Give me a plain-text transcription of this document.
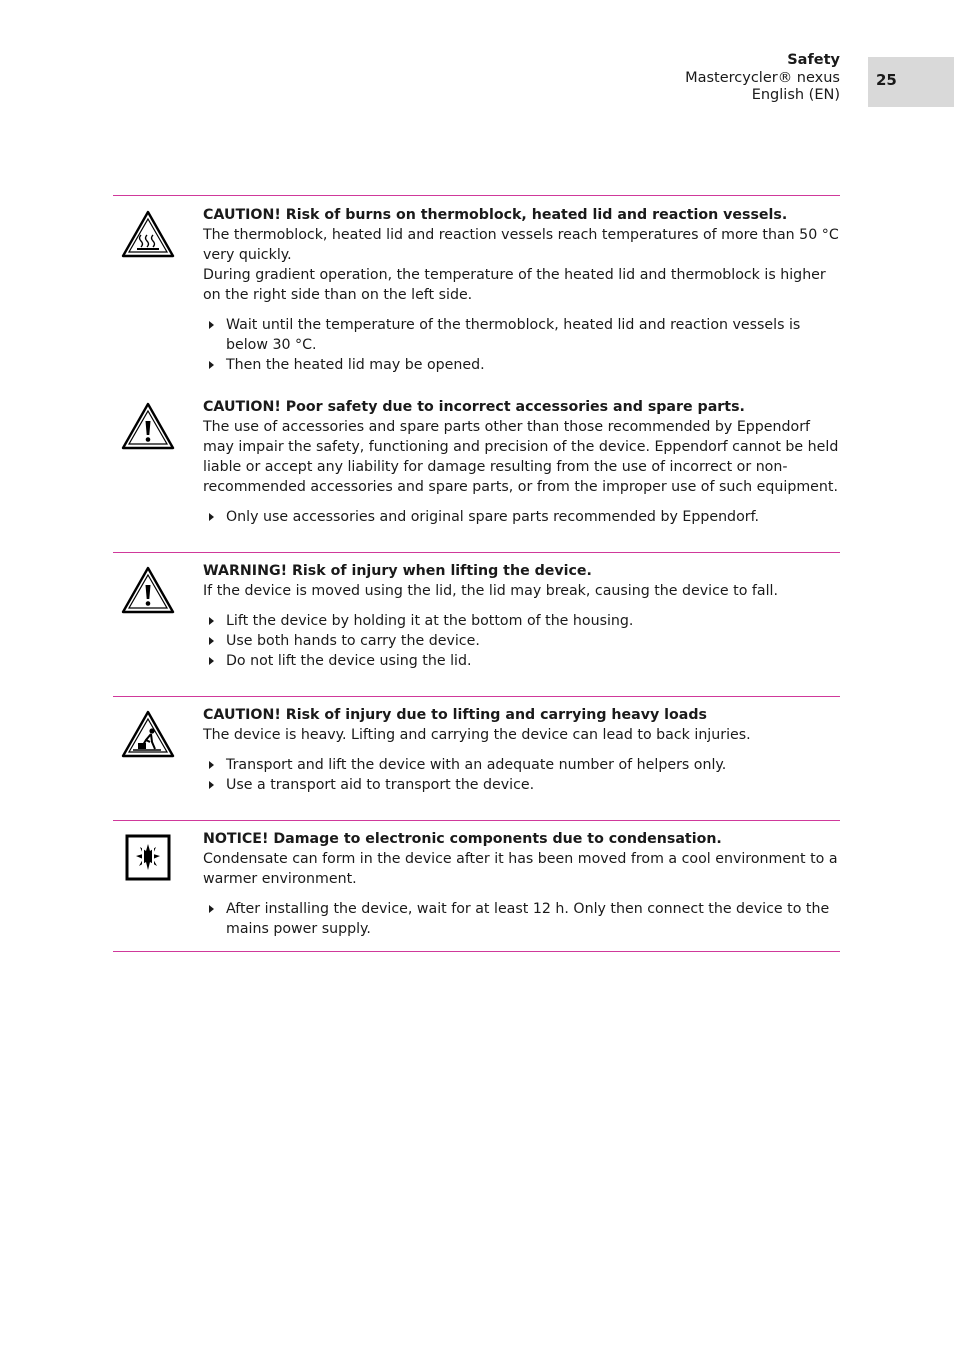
Safety
Mastercycler® nexus
English (EN)
25
CAUTION! Risk of burns on thermoblock, heated lid and reaction vessels.
The thermoblock, heated lid and reaction vessels reach temperatures of more than 50 °C very quickly.
During gradient operation, the temperature of the heated lid and thermoblock is higher on the right side than on the left side.
Wait until the temperature of the thermoblock, heated lid and reaction vessels is below 30 °C.
Then the heated lid may be opened.
CAUTION! Poor safety due to incorrect accessories and spare parts.
The use of accessories and spare parts other than those recommended by Eppendorf may impair the safety, functioning and precision of the device. Eppendorf cannot be held liable or accept any liability for damage resulting from the use of incorrect or non-recommended accessories and spare parts, or from the improper use of such equipment.
Only use accessories and original spare parts recommended by Eppendorf.
WARNING! Risk of injury when lifting the device.
If the device is moved using the lid, the lid may break, causing the device to fall.
Lift the device by holding it at the bottom of the housing.
Use both hands to carry the device.
Do not lift the device using the lid.
CAUTION! Risk of injury due to lifting and carrying heavy loads
The device is heavy. Lifting and carrying the device can lead to back injuries.
Transport and lift the device with an adequate number of helpers only.
Use a transport aid to transport the device.
NOTICE! Damage to electronic components due to condensation.
Condensate can form in the device after it has been moved from a cool environment to a warmer environment.
After installing the device, wait for at least 12 h. Only then connect the device to the mains power supply.
